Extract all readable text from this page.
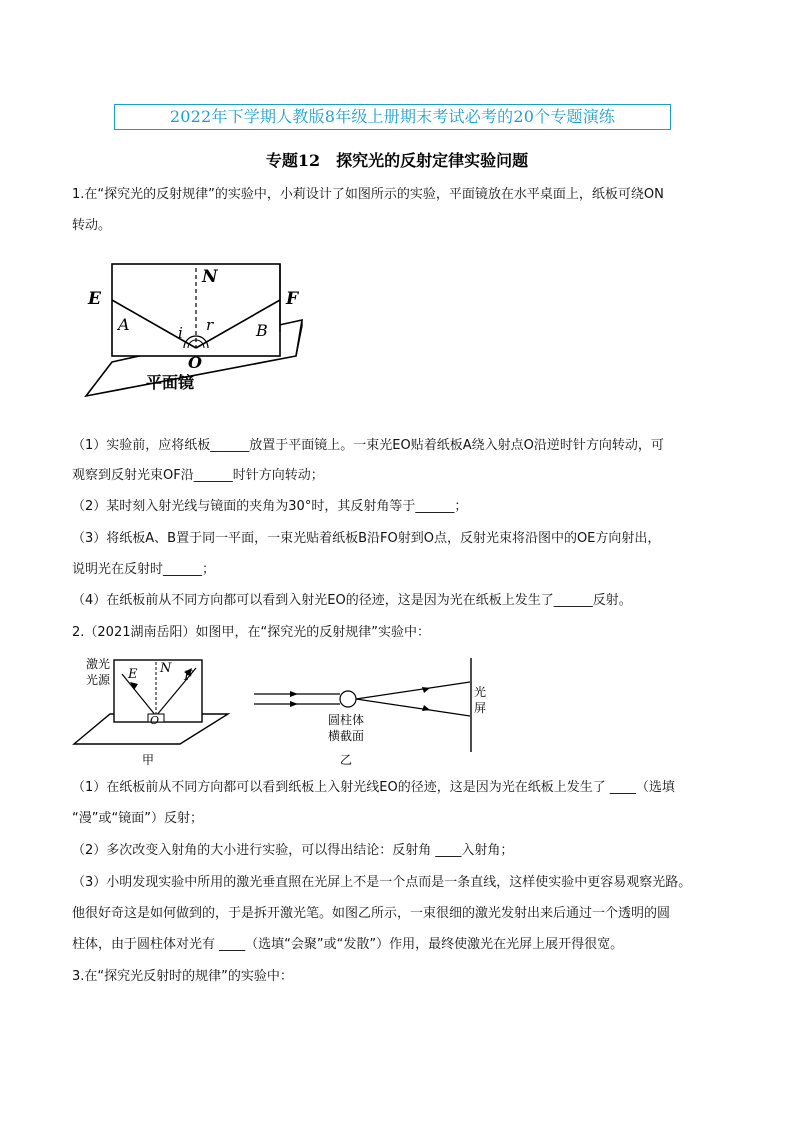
2022年下学期人教版8年级上册期末考试必考的20个专题演练
专题12　探究光的反射定律实验问题
1.在“探究光的反射规律”的实验中，小莉设计了如图所示的实验，平面镜放在水平桌面上，纸板可绕ON
转动。
E
N
F
A	B
i r
O
平面镜
（1）实验前，应将纸板______放置于平面镜上。一束光EO贴着纸板A绕入射点O沿逆时针方向转动，可
观察到反射光束OF沿______时针方向转动；
（2）某时刻入射光线与镜面的夹角为30°时，其反射角等于______；
（3）将纸板A、B置于同一平面，一束光贴着纸板B沿FO射到O点，反射光束将沿图中的OE方向射出，
说明光在反射时______；
（4）在纸板前从不同方向都可以看到入射光EO的径迹，这是因为光在纸板上发生了______反射。
2.（2021湖南岳阳）如图甲，在“探究光的反射规律”实验中：
激光
光源 E N
F
O
甲
圆柱体
横截面
光
屏
乙
（1）在纸板前从不同方向都可以看到纸板上入射光线EO的径迹，这是因为光在纸板上发生了 ____（选填
“漫”或“镜面”）反射；
（2）多次改变入射角的大小进行实验，可以得出结论：反射角 ____入射角；
（3）小明发现实验中所用的激光垂直照在光屏上不是一个点而是一条直线，这样使实验中更容易观察光路。
他很好奇这是如何做到的，于是拆开激光笔。如图乙所示，一束很细的激光发射出来后通过一个透明的圆
柱体，由于圆柱体对光有 ____（选填“会聚”或“发散”）作用，最终使激光在光屏上展开得很宽。
3.在“探究光反射时的规律”的实验中：
